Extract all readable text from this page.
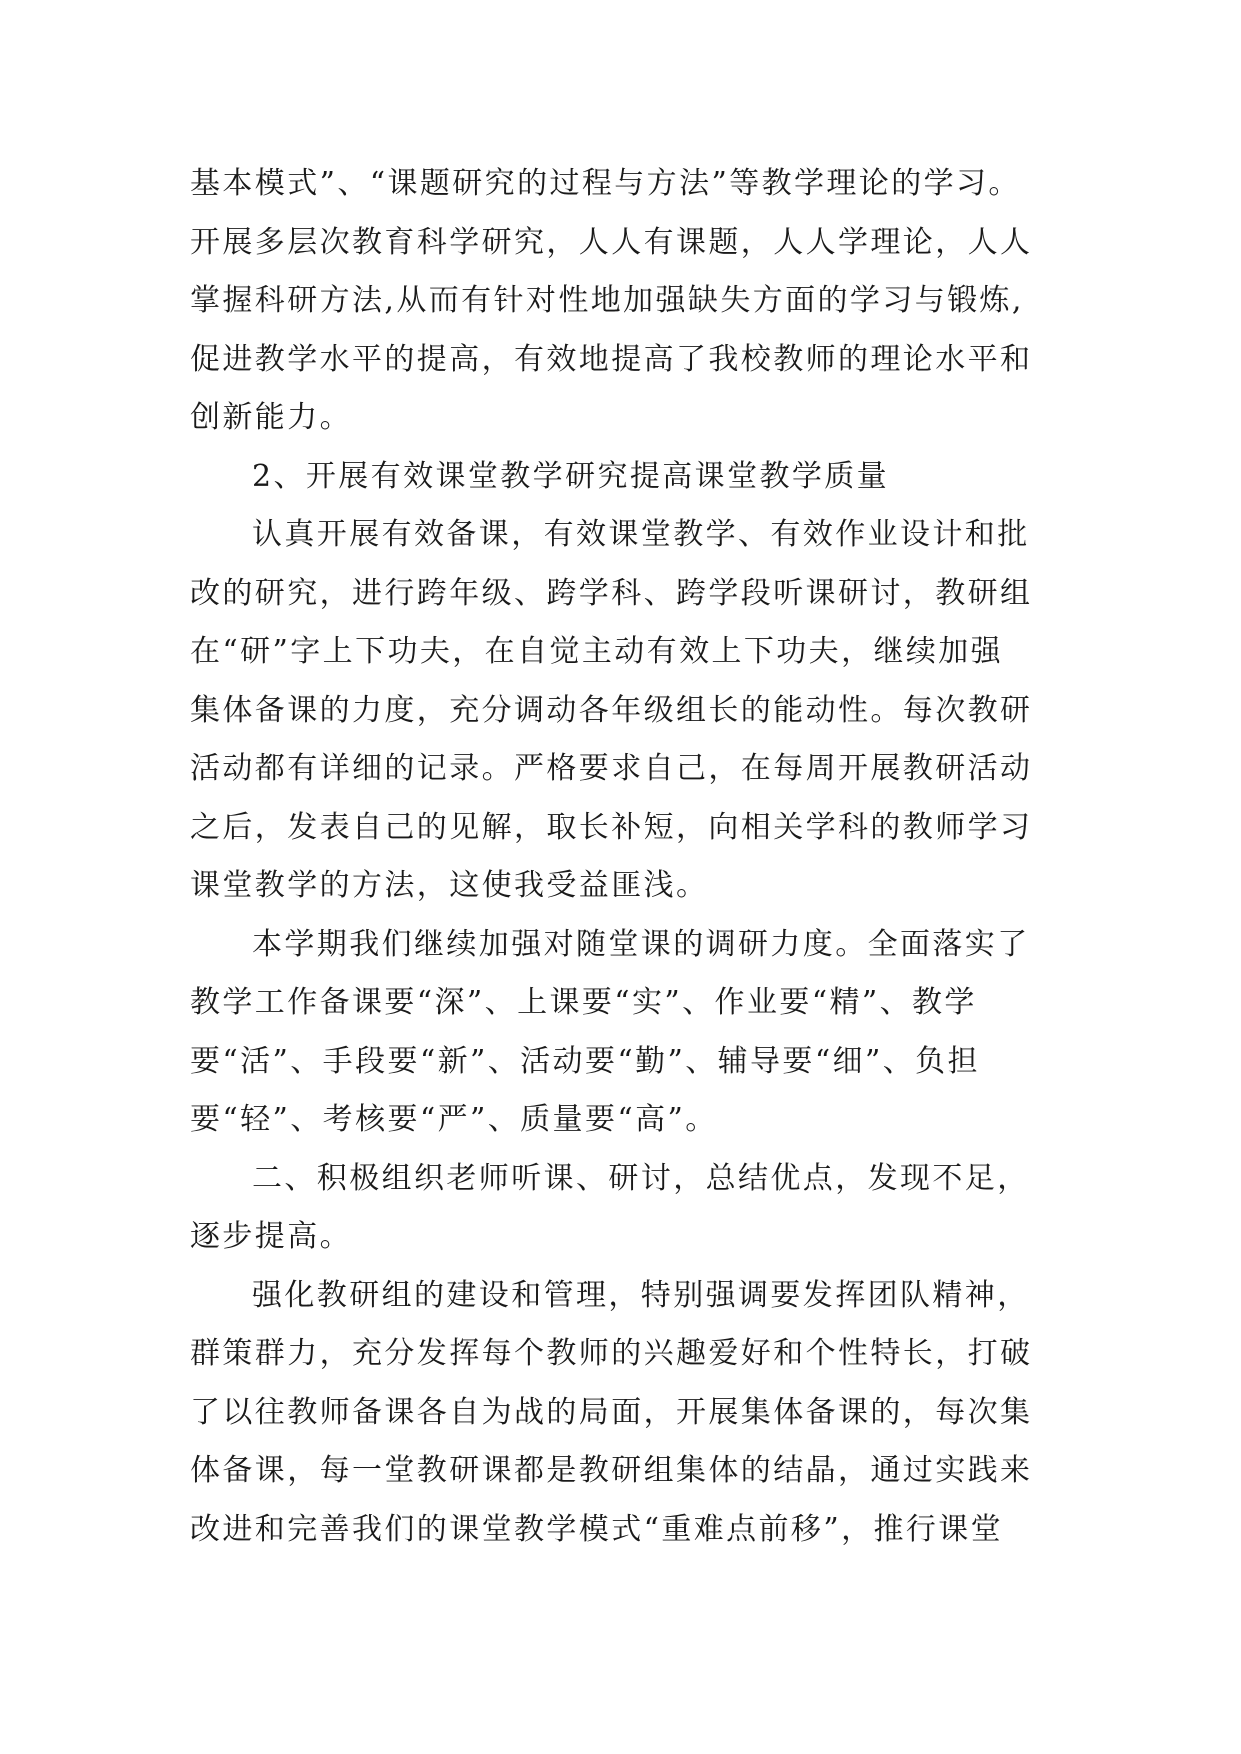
基本模式”、“课题研究的过程与方法”等教学理论的学习。
开展多层次教育科学研究，人人有课题，人人学理论，人人
掌握科研方法,从而有针对性地加强缺失方面的学习与锻炼,
促进教学水平的提高，有效地提高了我校教师的理论水平和
创新能力。
2、开展有效课堂教学研究提高课堂教学质量
认真开展有效备课，有效课堂教学、有效作业设计和批
改的研究，进行跨年级、跨学科、跨学段听课研讨，教研组
在“研”字上下功夫，在自觉主动有效上下功夫，继续加强
集体备课的力度，充分调动各年级组长的能动性。每次教研
活动都有详细的记录。严格要求自己，在每周开展教研活动
之后，发表自己的见解，取长补短，向相关学科的教师学习
课堂教学的方法，这使我受益匪浅。
本学期我们继续加强对随堂课的调研力度。全面落实了
教学工作备课要“深”、上课要“实”、作业要“精”、教学
要“活”、手段要“新”、活动要“勤”、辅导要“细”、负担
要“轻”、考核要“严”、质量要“高”。
二、积极组织老师听课、研讨，总结优点，发现不足，
逐步提高。
强化教研组的建设和管理，特别强调要发挥团队精神，
群策群力，充分发挥每个教师的兴趣爱好和个性特长，打破
了以往教师备课各自为战的局面，开展集体备课的，每次集
体备课，每一堂教研课都是教研组集体的结晶，通过实践来
改进和完善我们的课堂教学模式“重难点前移”，推行课堂
